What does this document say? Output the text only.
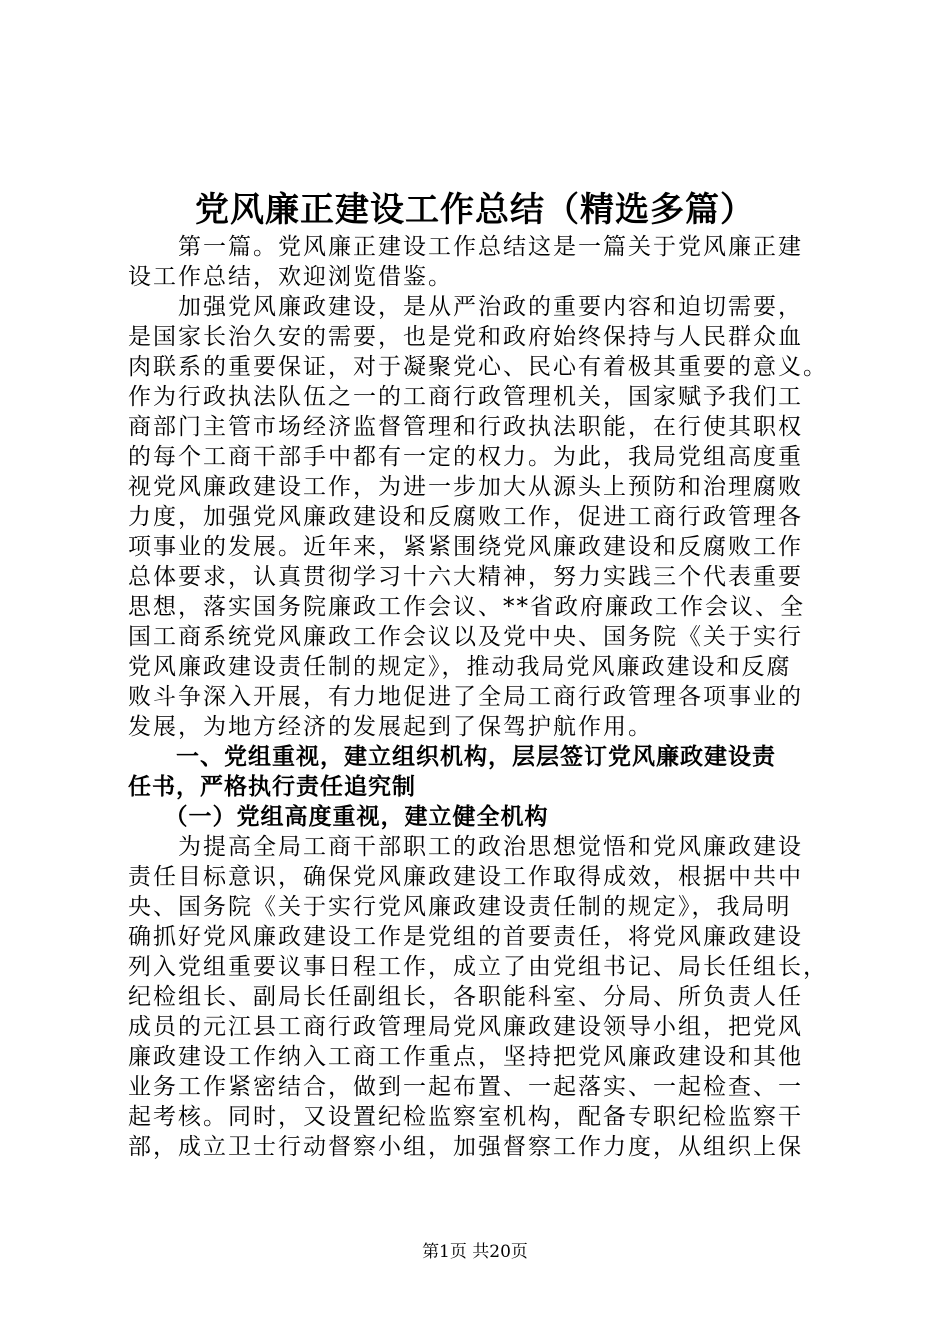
党风廉正建设工作总结（精选多篇）
　　第一篇。党风廉正建设工作总结这是一篇关于党风廉正建
设工作总结，欢迎浏览借鉴。
　　加强党风廉政建设，是从严治政的重要内容和迫切需要，
是国家长治久安的需要，也是党和政府始终保持与人民群众血
肉联系的重要保证，对于凝聚党心、民心有着极其重要的意义。
作为行政执法队伍之一的工商行政管理机关，国家赋予我们工
商部门主管市场经济监督管理和行政执法职能，在行使其职权
的每个工商干部手中都有一定的权力。为此，我局党组高度重
视党风廉政建设工作，为进一步加大从源头上预防和治理腐败
力度，加强党风廉政建设和反腐败工作，促进工商行政管理各
项事业的发展。近年来，紧紧围绕党风廉政建设和反腐败工作
总体要求，认真贯彻学习十六大精神，努力实践三个代表重要
思想，落实国务院廉政工作会议、**省政府廉政工作会议、全
国工商系统党风廉政工作会议以及党中央、国务院《关于实行
党风廉政建设责任制的规定》，推动我局党风廉政建设和反腐
败斗争深入开展，有力地促进了全局工商行政管理各项事业的
发展，为地方经济的发展起到了保驾护航作用。
　　一、党组重视，建立组织机构，层层签订党风廉政建设责
任书，严格执行责任追究制
　　（一）党组高度重视，建立健全机构
　　为提高全局工商干部职工的政治思想觉悟和党风廉政建设
责任目标意识，确保党风廉政建设工作取得成效，根据中共中
央、国务院《关于实行党风廉政建设责任制的规定》，我局明
确抓好党风廉政建设工作是党组的首要责任，将党风廉政建设
列入党组重要议事日程工作，成立了由党组书记、局长任组长，
纪检组长、副局长任副组长，各职能科室、分局、所负责人任
成员的元江县工商行政管理局党风廉政建设领导小组，把党风
廉政建设工作纳入工商工作重点，坚持把党风廉政建设和其他
业务工作紧密结合，做到一起布置、一起落实、一起检查、一
起考核。同时，又设置纪检监察室机构，配备专职纪检监察干
部，成立卫士行动督察小组，加强督察工作力度，从组织上保
第1页 共20页
